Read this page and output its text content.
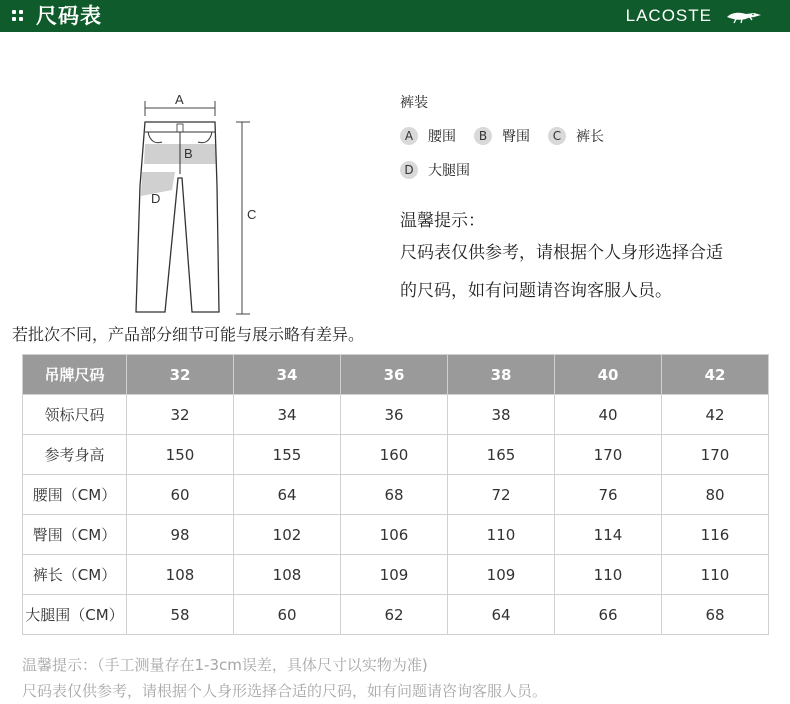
尺码表	LACOSTE
A
C
B
D
裤装
A	腰围	B	臀围	C	裤长
D	大腿围
温馨提示：
尺码表仅供参考，请根据个人身形选择合适
的尺码，如有问题请咨询客服人员。
若批次不同，产品部分细节可能与展示略有差异。
吊牌尺码	32	34	36	38	40	42
领标尺码	32	34	36	38	40	42
参考身高	150	155	160	165	170	170
腰围（CM）	60	64	68	72	76	80
臀围（CM）	98	102	106	110	114	116
裤长（CM）	108	108	109	109	110	110
大腿围（CM）	58	60	62	64	66	68
温馨提示：（手工测量存在1-3cm误差，具体尺寸以实物为准)
尺码表仅供参考，请根据个人身形选择合适的尺码，如有问题请咨询客服人员。
